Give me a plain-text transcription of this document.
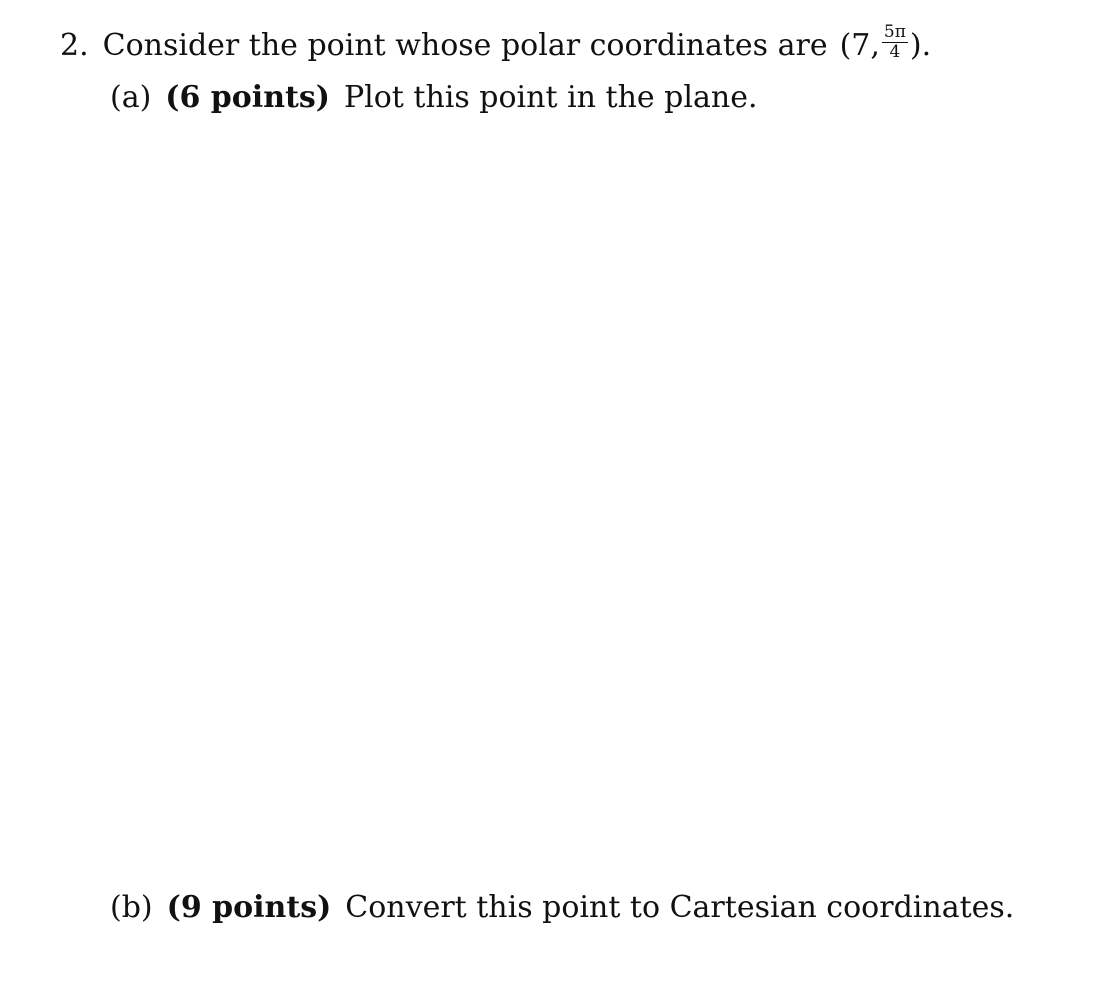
2. Consider the point whose polar coordinates are (7, $\frac{5\pi}{4}$ ).
(a) (6 points) Plot this point in the plane.
(b) (9 points) Convert this point to Cartesian coordinates.
